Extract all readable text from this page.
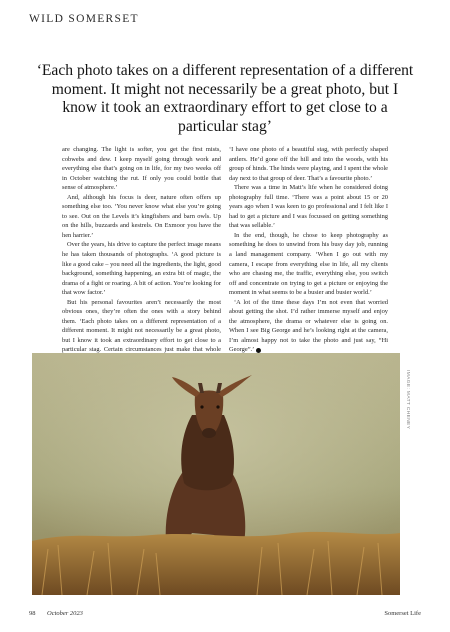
WILD SOMERSET
‘Each photo takes on a different representation of a different moment. It might not necessarily be a great photo, but I know it took an extraordinary effort to get close to a particular stag’

are changing. The light is softer, you get the first mists, cobwebs and dew. I keep myself going through work and everything else that’s going on in life, for my two weeks off in October watching the rut. If only you could bottle that sense of atmosphere.’

And, although his focus is deer, nature often offers up something else too. ‘You never know what else you’re going to see. Out on the Levels it’s kingfishers and barn owls. Up on the hills, buzzards and kestrels. On Exmoor you have the hen harrier.’

Over the years, his drive to capture the perfect image means he has taken thousands of photographs. ‘A good picture is like a good cake – you need all the ingredients, the light, good background, something happening, an extra bit of magic, the drama of a fight or roaring. A bit of action. You’re looking for that wow factor.’

But his personal favourites aren’t necessarily the most obvious ones, they’re often the ones with a story behind them. ‘Each photo takes on a different representation of a different moment. It might not necessarily be a great photo, but I know it took an extraordinary effort to get close to a particular stag. Certain circumstances just make that whole

‘I have one photo of a beautiful stag, with perfectly shaped antlers. He’d gone off the hill and into the woods, with his group of hinds. The hinds were playing, and I spent the whole day next to that group of deer. That’s a favourite photo.’

There was a time in Matt’s life when he considered doing photography full time. ‘There was a point about 15 or 20 years ago when I was keen to go professional and I felt like I had to get a picture and I was focussed on getting something that was sellable.’

In the end, though, he chose to keep photography as something he does to unwind from his busy day job, running a land management company. ‘When I go out with my camera, I escape from everything else in life, all my clients who are chasing me, the traffic, everything else, you switch off and concentrate on trying to get a picture or enjoying the moment in what seems to be a busier and busier world.’

‘A lot of the time these days I’m not even that worried about getting the shot. I’d rather immerse myself and enjoy the atmosphere, the drama or whatever else is going on. When I see Big George and he’s looking right at the camera, I’m almost happy not to take the photo and just say, “Hi George”.’

IMAGE: MATT CHENEY
98 October 2023	Somerset Life
